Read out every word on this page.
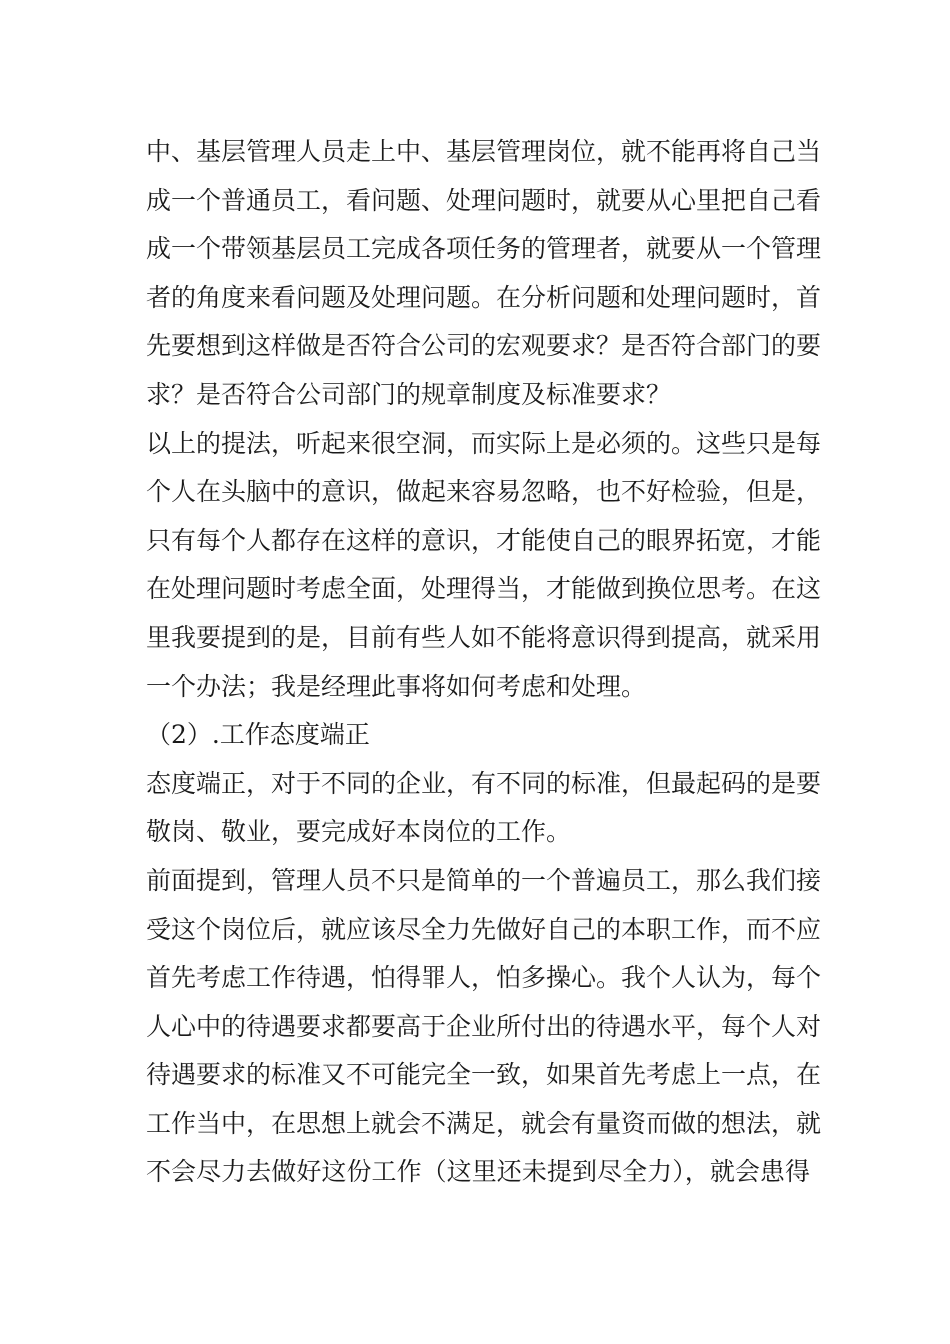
中、基层管理人员走上中、基层管理岗位，就不能再将自己当
成一个普通员工，看问题、处理问题时，就要从心里把自己看
成一个带领基层员工完成各项任务的管理者，就要从一个管理
者的角度来看问题及处理问题。在分析问题和处理问题时，首
先要想到这样做是否符合公司的宏观要求？是否符合部门的要
求？是否符合公司部门的规章制度及标准要求？
以上的提法，听起来很空洞，而实际上是必须的。这些只是每
个人在头脑中的意识，做起来容易忽略，也不好检验，但是，
只有每个人都存在这样的意识，才能使自己的眼界拓宽，才能
在处理问题时考虑全面，处理得当，才能做到换位思考。在这
里我要提到的是，目前有些人如不能将意识得到提高，就采用
一个办法；我是经理此事将如何考虑和处理。
（2）.工作态度端正
态度端正，对于不同的企业，有不同的标准，但最起码的是要
敬岗、敬业，要完成好本岗位的工作。
前面提到，管理人员不只是简单的一个普遍员工，那么我们接
受这个岗位后，就应该尽全力先做好自己的本职工作，而不应
首先考虑工作待遇，怕得罪人，怕多操心。我个人认为，每个
人心中的待遇要求都要高于企业所付出的待遇水平，每个人对
待遇要求的标准又不可能完全一致，如果首先考虑上一点，在
工作当中，在思想上就会不满足，就会有量资而做的想法，就
不会尽力去做好这份工作（这里还未提到尽全力），就会患得
